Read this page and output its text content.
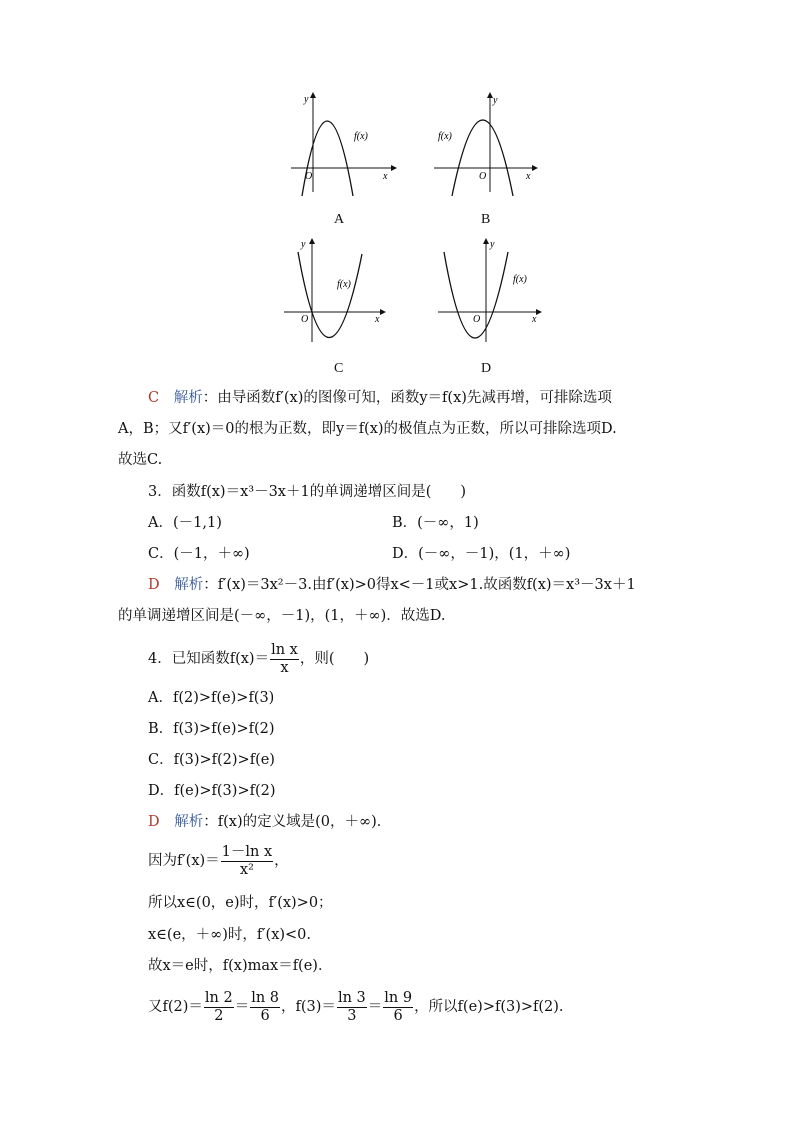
y
x
O
f(x)
A
y
x
O
f(x)
B
y
x
O
f(x)
C
y
x
O
f(x)
D
C 解析：由导函数f′(x)的图像可知，函数y＝f(x)先减再增，可排除选项
A，B；又f′(x)＝0的根为正数，即y＝f(x)的极值点为正数，所以可排除选项D.
故选C.
3．函数f(x)＝x³－3x＋1的单调递增区间是(　　)
A．(－1,1)	B．(－∞，1)
C．(－1，＋∞)	D．(－∞，－1)，(1，＋∞)
D 解析：f′(x)＝3x²－3.由f′(x)>0得x<－1或x>1.故函数f(x)＝x³－3x＋1
的单调递增区间是(－∞，－1)，(1，＋∞)．故选D.
4．已知函数$f(x)= \frac{\text{ln x}}{x}$ ，则(　　)
A．f(2)>f(e)>f(3)
B．f(3)>f(e)>f(2)
C．f(3)>f(2)>f(e)
D．f(e)>f(3)>f(2)
D 解析：f(x)的定义域是(0，＋∞)．
因为$f'(x)= \frac{\text{1－ln x}}{\text{x²}}$ ，
所以x∈(0，e)时，f′(x)>0；
x∈(e，＋∞)时，f′(x)<0.
故x＝e时，f(x)max＝f(e)．
又$f(2)= \frac{\ln 2}{2} = \frac{\ln 8}{6}$ ，$f(3)= \frac{\ln 3}{3} = \frac{\ln 9}{6}$ ，所以f(e)>f(3)>f(2).
